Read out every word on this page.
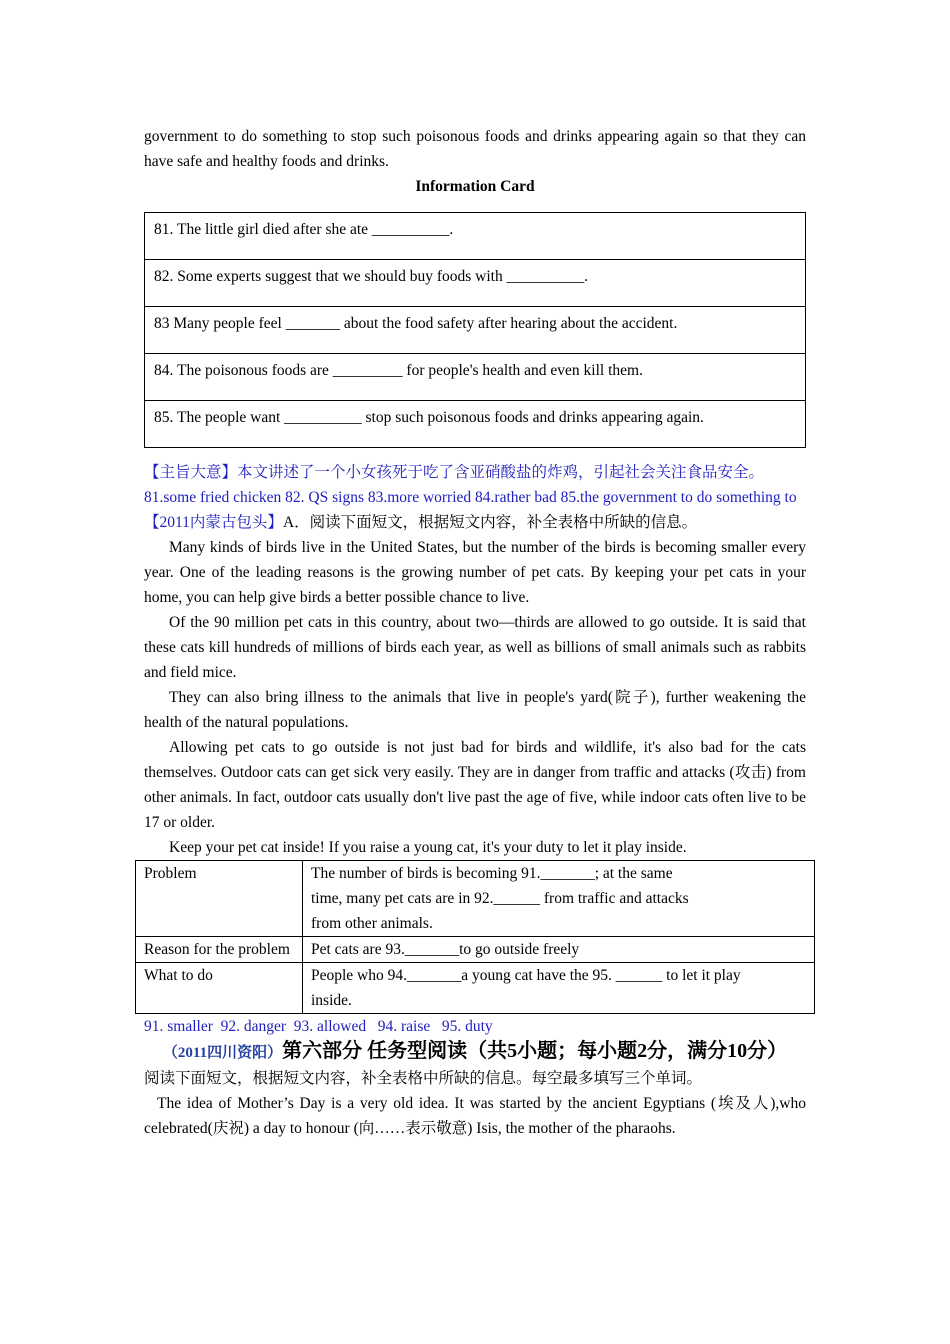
government to do something to stop such poisonous foods and drinks appearing again so that they can have safe and healthy foods and drinks.

Information Card

81. The little girl died after she ate __________.
82. Some experts suggest that we should buy foods with __________.
83 Many people feel _______ about the food safety after hearing about the accident.
84. The poisonous foods are _________ for people's health and even kill them.
85. The people want __________ stop such poisonous foods and drinks appearing again.

【主旨大意】本文讲述了一个小女孩死于吃了含亚硝酸盐的炸鸡，引起社会关注食品安全。

81.some fried chicken 82. QS signs 83.more worried 84.rather bad 85.the government to do something to

【2011内蒙古包头】A．阅读下面短文，根据短文内容，补全表格中所缺的信息。

Many kinds of birds live in the United States, but the number of the birds is becoming smaller every year. One of the leading reasons is the growing number of pet cats. By keeping your pet cats in your home, you can help give birds a better possible chance to live.

Of the 90 million pet cats in this country, about two—thirds are allowed to go outside. It is said that these cats kill hundreds of millions of birds each year, as well as billions of small animals such as rabbits and field mice.

They can also bring illness to the animals that live in people's yard(院子), further weakening the health of the natural populations.

Allowing pet cats to go outside is not just bad for birds and wildlife, it's also bad for the cats themselves. Outdoor cats can get sick very easily. They are in danger from traffic and attacks (攻击) from other animals. In fact, outdoor cats usually don't live past the age of five, while indoor cats often live to be 17 or older.

Keep your pet cat inside! If you raise a young cat, it's your duty to let it play inside.

Problem	The number of birds is becoming 91._______; at the same
time, many pet cats are in 92.______ from traffic and attacks
from other animals.

Reason for the problem	Pet cats are 93._______to go outside freely

What to do	People who 94._______a young cat have the 95. ______ to let it play
inside.

91. smaller  92. danger  93. allowed   94. raise   95. duty

（2011四川资阳）第六部分 任务型阅读（共5小题；每小题2分，满分10分）

阅读下面短文，根据短文内容，补全表格中所缺的信息。每空最多填写三个单词。

The idea of Mother’s Day is a very old idea. It was started by the ancient Egyptians (埃及人),who celebrated(庆祝) a day to honour (向……表示敬意) Isis, the mother of the pharaohs.
